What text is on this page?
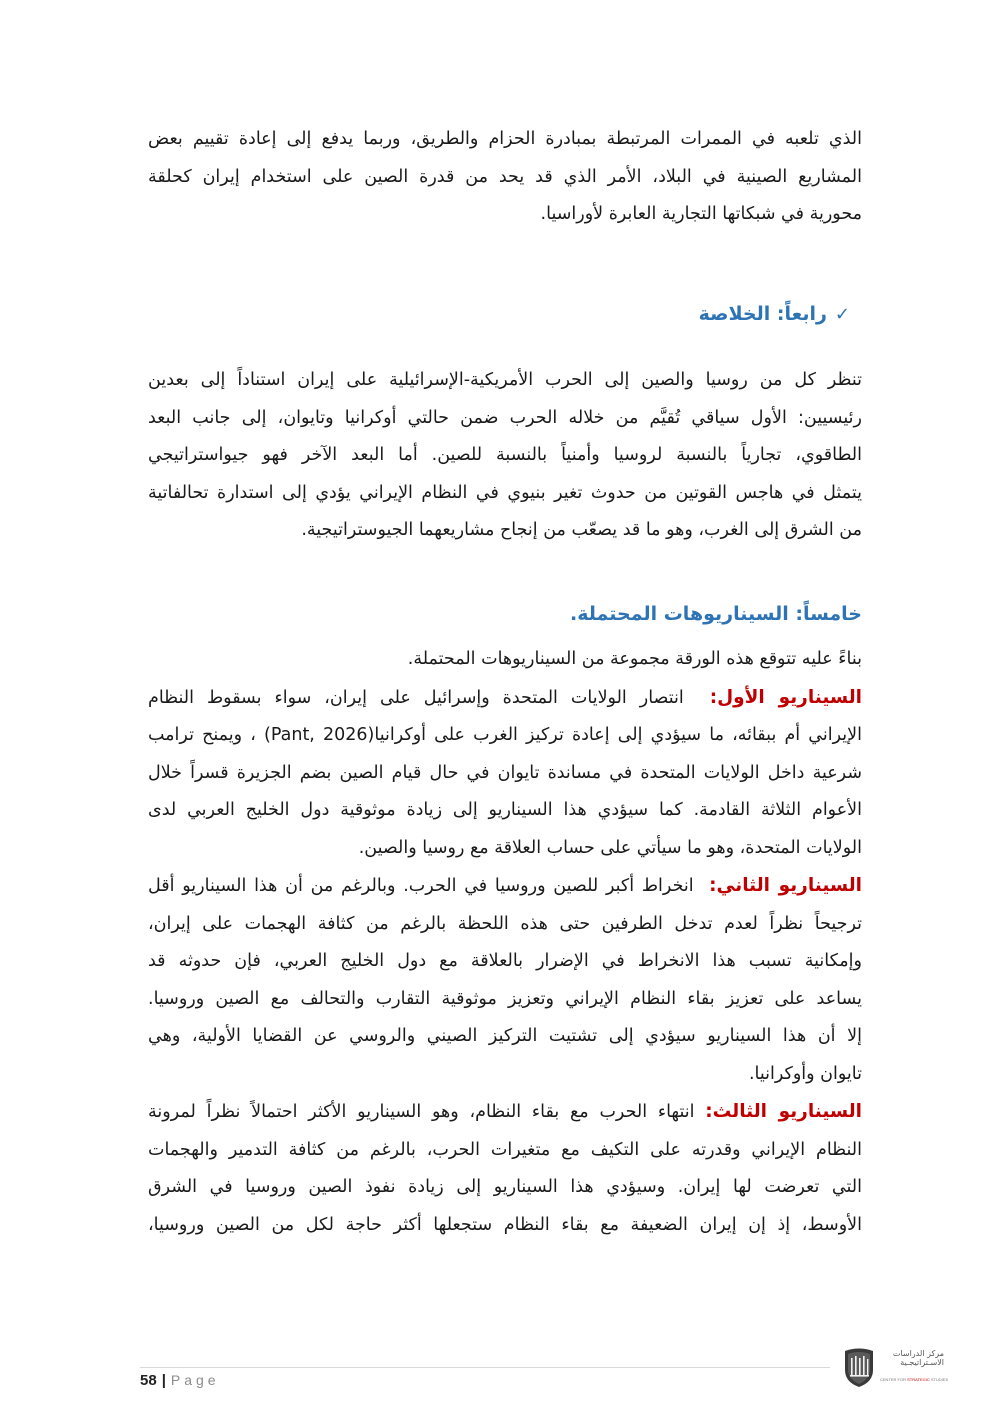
الذي تلعبه في الممرات المرتبطة بمبادرة الحزام والطريق، وربما يدفع إلى إعادة تقييم بعض
المشاريع الصينية في البلاد، الأمر الذي قد يحد من قدرة الصين على استخدام إيران كحلقة
محورية في شبكاتها التجارية العابرة لأوراسيا.
✓رابعاً: الخلاصة
تنظر كل من روسيا والصين إلى الحرب الأمريكية-الإسرائيلية على إيران استناداً إلى بعدين
رئيسيين: الأول سياقي تُقيَّم من خلاله الحرب ضمن حالتي أوكرانيا وتايوان، إلى جانب البعد
الطاقوي، تجارياً بالنسبة لروسيا وأمنياً بالنسبة للصين. أما البعد الآخر فهو جيواستراتيجي
يتمثل في هاجس القوتين من حدوث تغير بنيوي في النظام الإيراني يؤدي إلى استدارة تحالفاتية
من الشرق إلى الغرب، وهو ما قد يصعّب من إنجاح مشاريعهما الجيوستراتيجية.
خامساً: السيناريوهات المحتملة.
بناءً عليه تتوقع هذه الورقة مجموعة من السيناريوهات المحتملة.
السيناريو الأول:  انتصار الولايات المتحدة وإسرائيل على إيران، سواء بسقوط النظام
الإيراني أم ببقائه، ما سيؤدي إلى إعادة تركيز الغرب على أوكرانيا(Pant, 2026) ، ويمنح ترامب
شرعية داخل الولايات المتحدة في مساندة تايوان في حال قيام الصين بضم الجزيرة قسراً خلال
الأعوام الثلاثة القادمة. كما سيؤدي هذا السيناريو إلى زيادة موثوقية دول الخليج العربي لدى
الولايات المتحدة، وهو ما سيأتي على حساب العلاقة مع روسيا والصين.
السيناريو الثاني:  انخراط أكبر للصين وروسيا في الحرب. وبالرغم من أن هذا السيناريو أقل
ترجيحاً نظراً لعدم تدخل الطرفين حتى هذه اللحظة بالرغم من كثافة الهجمات على إيران،
وإمكانية تسبب هذا الانخراط في الإضرار بالعلاقة مع دول الخليج العربي، فإن حدوثه قد
يساعد على تعزيز بقاء النظام الإيراني وتعزيز موثوقية التقارب والتحالف مع الصين وروسيا.
إلا أن هذا السيناريو سيؤدي إلى تشتيت التركيز الصيني والروسي عن القضايا الأولية، وهي
تايوان وأوكرانيا.
السيناريو الثالث: انتهاء الحرب مع بقاء النظام، وهو السيناريو الأكثر احتمالاً نظراً لمرونة
النظام الإيراني وقدرته على التكيف مع متغيرات الحرب، بالرغم من كثافة التدمير والهجمات
التي تعرضت لها إيران. وسيؤدي هذا السيناريو إلى زيادة نفوذ الصين وروسيا في الشرق
الأوسط، إذ إن إيران الضعيفة مع بقاء النظام ستجعلها أكثر حاجة لكل من الصين وروسيا،
58 | Page
مركز الدراسات
الاسـتراتيجـية
CENTER FOR STRATEGIC STUDIES
